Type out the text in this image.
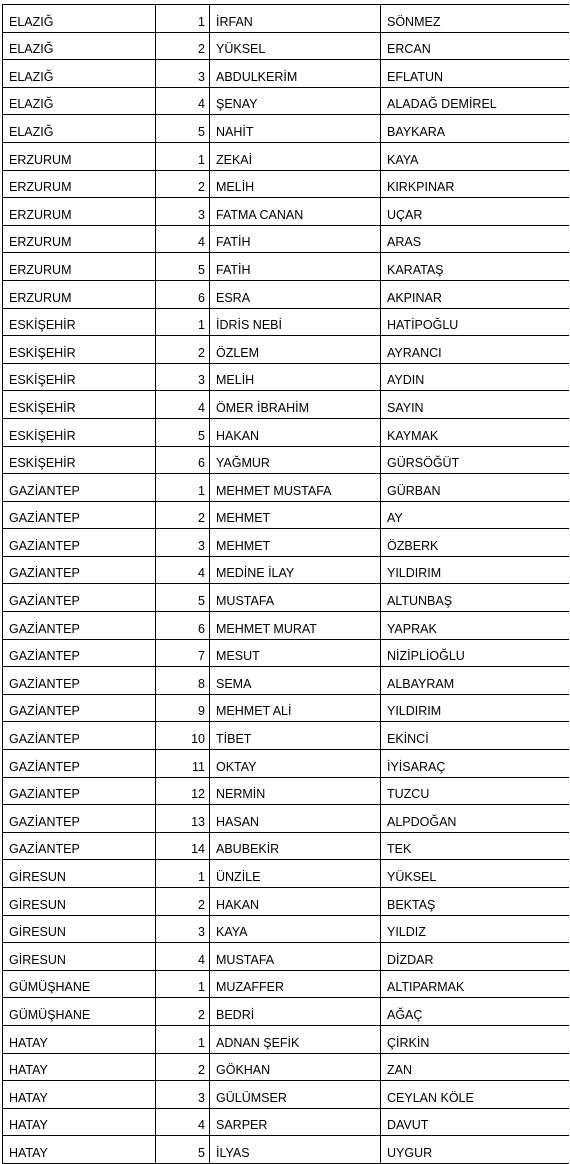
ELAZIĞ	1	İRFAN	SÖNMEZ
ELAZIĞ	2	YÜKSEL	ERCAN
ELAZIĞ	3	ABDULKERİM	EFLATUN
ELAZIĞ	4	ŞENAY	ALADAĞ DEMİREL
ELAZIĞ	5	NAHİT	BAYKARA
ERZURUM	1	ZEKAİ	KAYA
ERZURUM	2	MELİH	KIRKPINAR
ERZURUM	3	FATMA CANAN	UÇAR
ERZURUM	4	FATİH	ARAS
ERZURUM	5	FATİH	KARATAŞ
ERZURUM	6	ESRA	AKPINAR
ESKİŞEHİR	1	İDRİS NEBİ	HATİPOĞLU
ESKİŞEHİR	2	ÖZLEM	AYRANCI
ESKİŞEHİR	3	MELİH	AYDIN
ESKİŞEHİR	4	ÖMER İBRAHİM	SAYIN
ESKİŞEHİR	5	HAKAN	KAYMAK
ESKİŞEHİR	6	YAĞMUR	GÜRSÖĞÜT
GAZİANTEP	1	MEHMET MUSTAFA	GÜRBAN
GAZİANTEP	2	MEHMET	AY
GAZİANTEP	3	MEHMET	ÖZBERK
GAZİANTEP	4	MEDİNE İLAY	YILDIRIM
GAZİANTEP	5	MUSTAFA	ALTUNBAŞ
GAZİANTEP	6	MEHMET MURAT	YAPRAK
GAZİANTEP	7	MESUT	NİZİPLİOĞLU
GAZİANTEP	8	SEMA	ALBAYRAM
GAZİANTEP	9	MEHMET ALİ	YILDIRIM
GAZİANTEP	10	TİBET	EKİNCİ
GAZİANTEP	11	OKTAY	İYİSARAÇ
GAZİANTEP	12	NERMİN	TUZCU
GAZİANTEP	13	HASAN	ALPDOĞAN
GAZİANTEP	14	ABUBEKİR	TEK
GİRESUN	1	ÜNZİLE	YÜKSEL
GİRESUN	2	HAKAN	BEKTAŞ
GİRESUN	3	KAYA	YILDIZ
GİRESUN	4	MUSTAFA	DİZDAR
GÜMÜŞHANE	1	MUZAFFER	ALTIPARMAK
GÜMÜŞHANE	2	BEDRİ	AĞAÇ
HATAY	1	ADNAN ŞEFİK	ÇİRKİN
HATAY	2	GÖKHAN	ZAN
HATAY	3	GÜLÜMSER	CEYLAN KÖLE
HATAY	4	SARPER	DAVUT
HATAY	5	İLYAS	UYGUR
